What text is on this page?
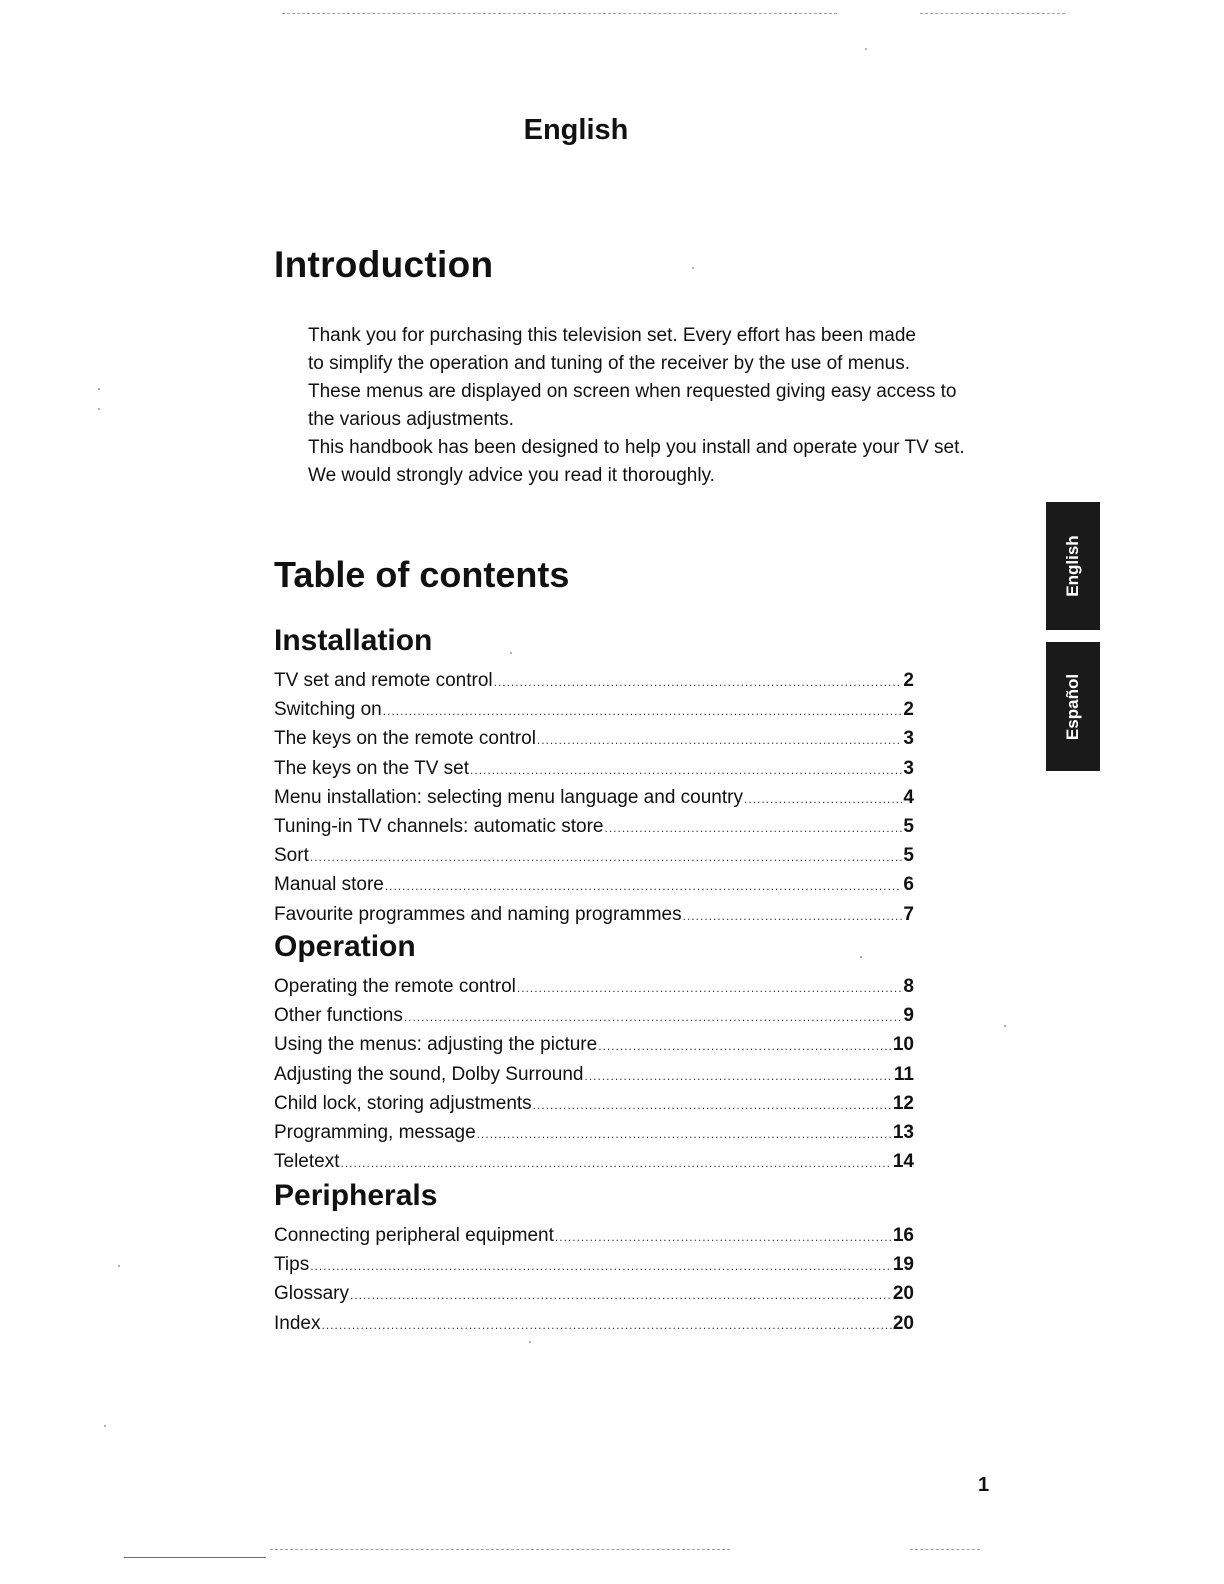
English
Introduction

Thank you for purchasing this television set. Every effort has been made

to simplify the operation and tuning of the receiver by the use of menus.

These menus are displayed on screen when requested giving easy access to

the various adjustments.

This handbook has been designed to help you install and operate your TV set.

We would strongly advice you read it thoroughly.

Table of contents
Installation
TV set and remote control .....	2
Switching on .....	2
The keys on the remote control .....	3
The keys on the TV set .....	3
Menu installation: selecting menu language and country .....	4
Tuning-in TV channels: automatic store .....	5
Sort .....	5
Manual store .....	6
Favourite programmes and naming programmes .....	7
Operation
Operating the remote control .....	8
Other functions .....	9
Using the menus: adjusting the picture .....	10
Adjusting the sound, Dolby Surround .....	11
Child lock, storing adjustments .....	12
Programming, message .....	13
Teletext .....	14
Peripherals
Connecting peripheral equipment .....	16
Tips .....	19
Glossary .....	20
Index .....	20
English
Español
1
